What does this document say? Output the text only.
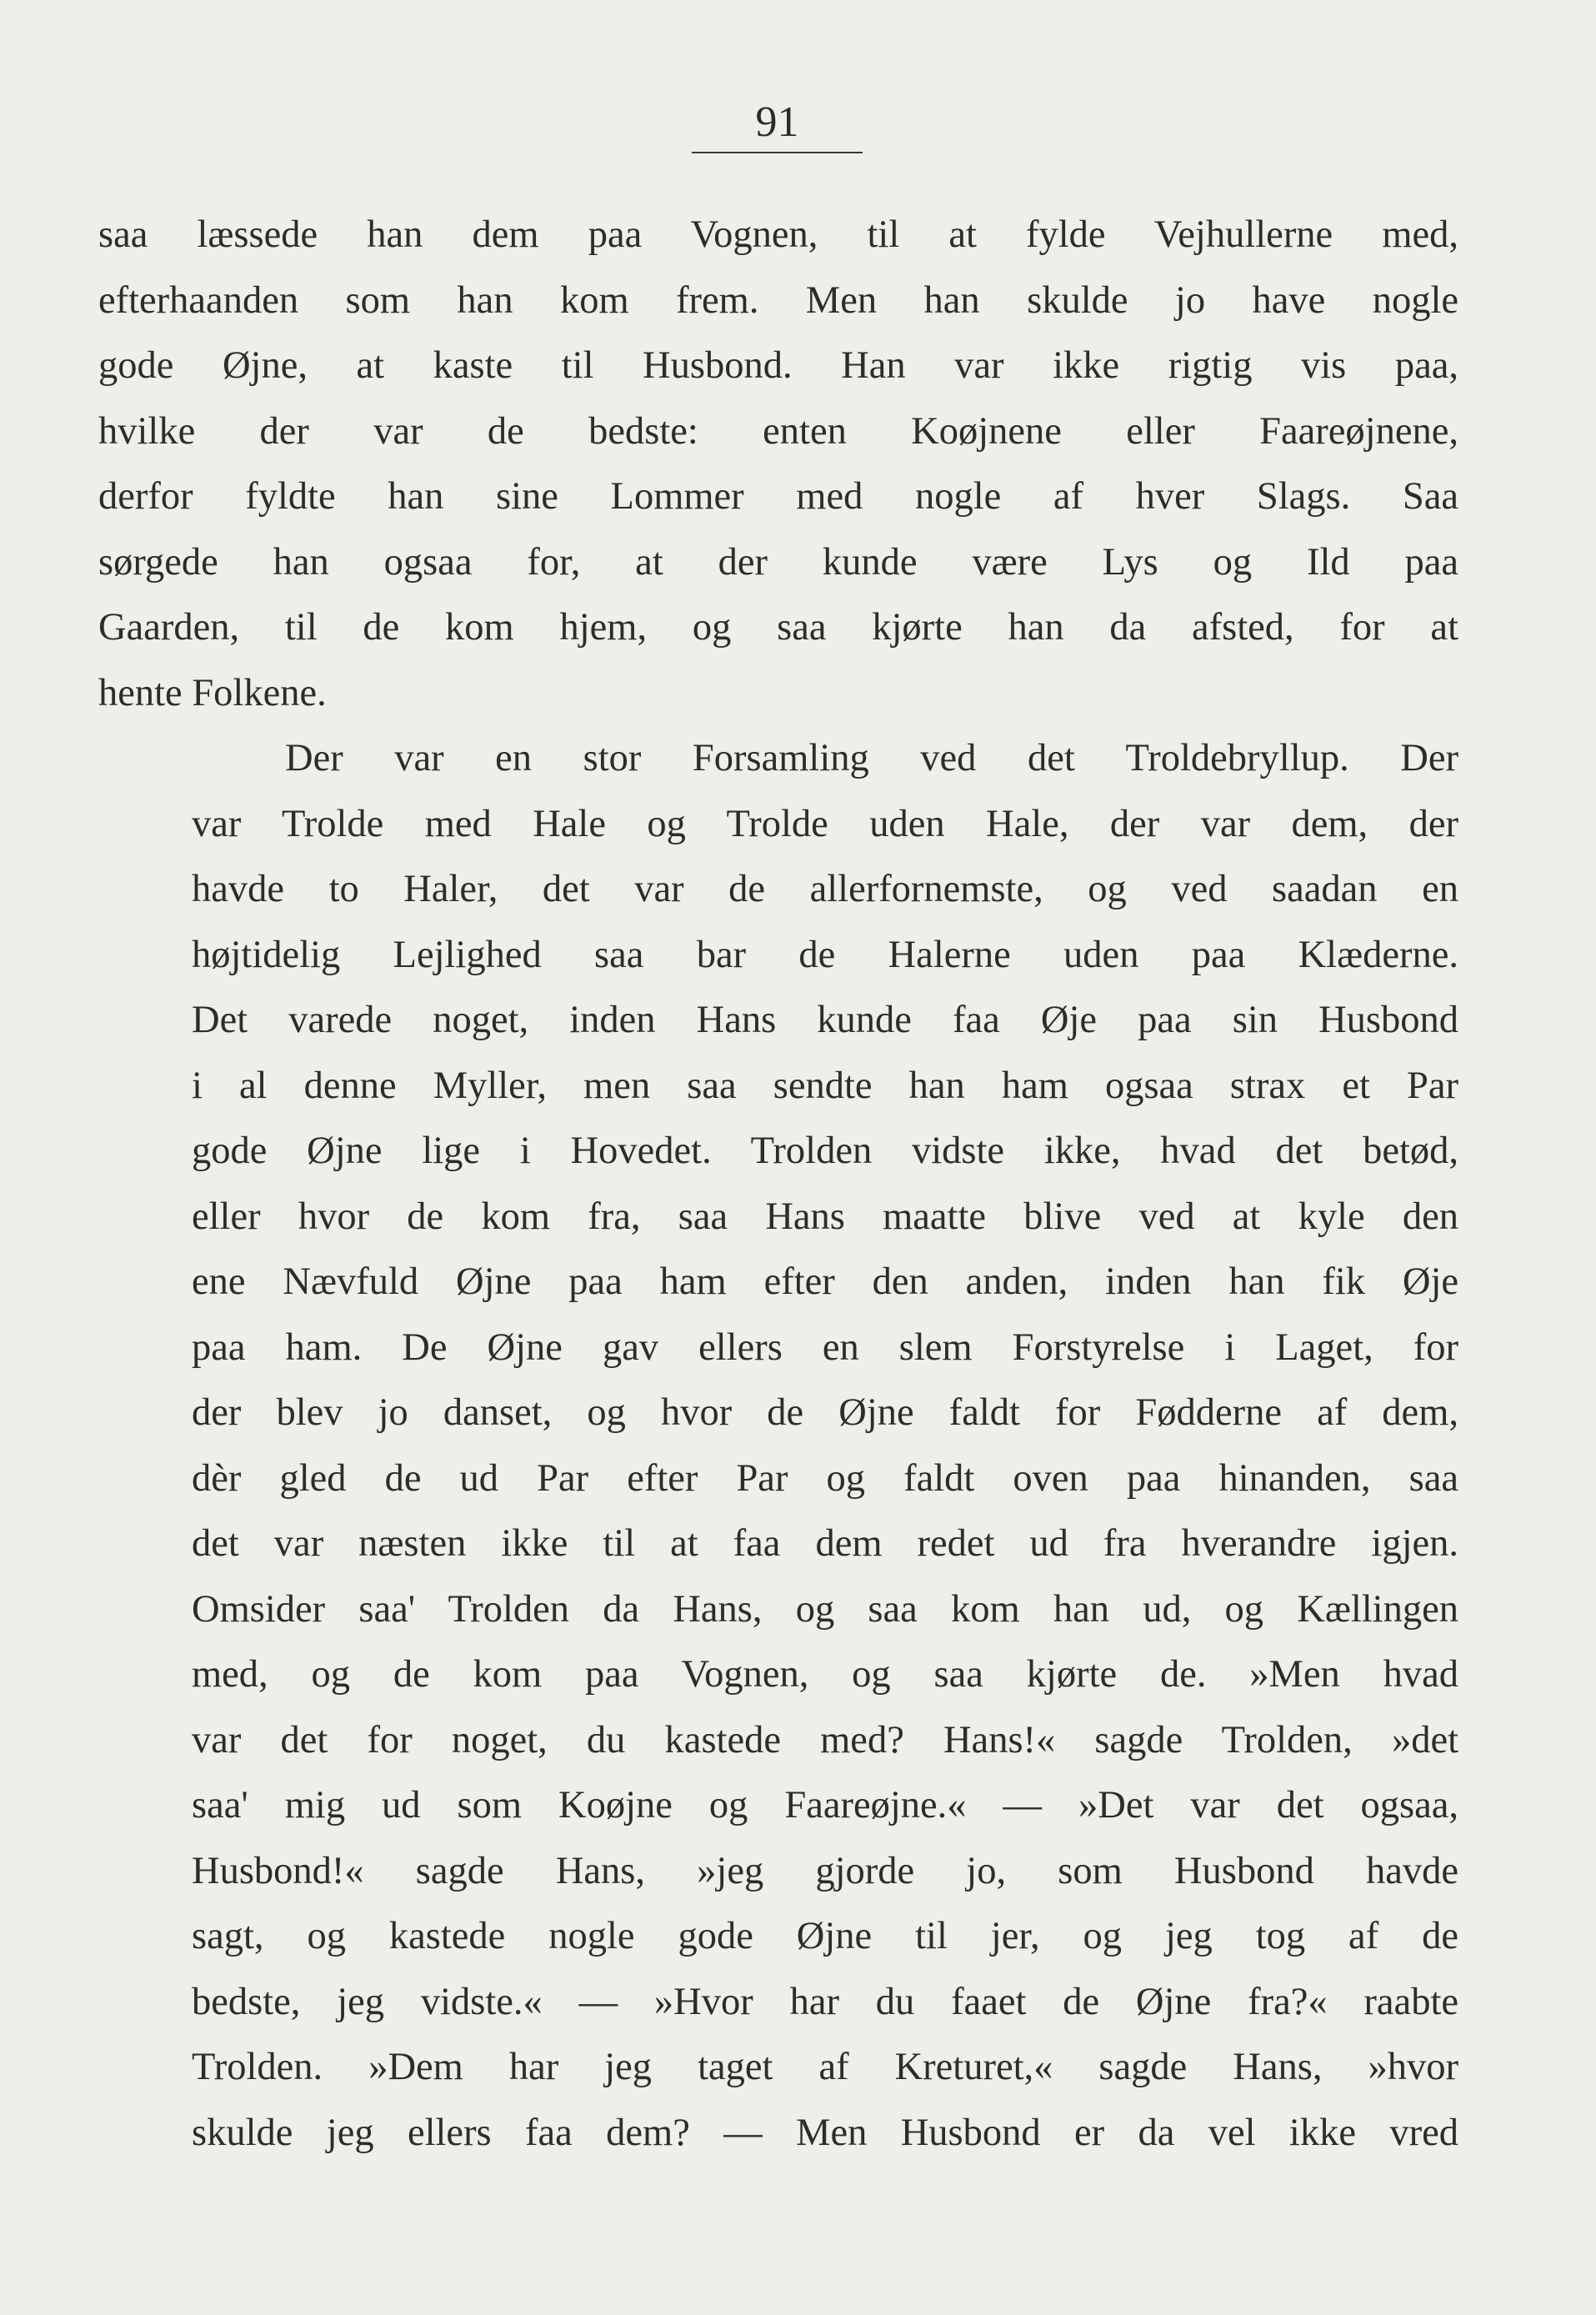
91
saa læssede han dem paa Vognen, til at fylde Vejhullerne med,
efterhaanden som han kom frem. Men han skulde jo have nogle
gode Øjne, at kaste til Husbond. Han var ikke rigtig vis paa,
hvilke der var de bedste: enten Koøjnene eller Faareøjnene,
derfor fyldte han sine Lommer med nogle af hver Slags. Saa
sørgede han ogsaa for, at der kunde være Lys og Ild paa
Gaarden, til de kom hjem, og saa kjørte han da afsted, for at
hente Folkene.
Der var en stor Forsamling ved det Troldebryllup. Der
var Trolde med Hale og Trolde uden Hale, der var dem, der
havde to Haler, det var de allerfornemste, og ved saadan en
højtidelig Lejlighed saa bar de Halerne uden paa Klæderne.
Det varede noget, inden Hans kunde faa Øje paa sin Husbond
i al denne Myller, men saa sendte han ham ogsaa strax et Par
gode Øjne lige i Hovedet. Trolden vidste ikke, hvad det betød,
eller hvor de kom fra, saa Hans maatte blive ved at kyle den
ene Nævfuld Øjne paa ham efter den anden, inden han fik Øje
paa ham. De Øjne gav ellers en slem Forstyrelse i Laget, for
der blev jo danset, og hvor de Øjne faldt for Fødderne af dem,
dèr gled de ud Par efter Par og faldt oven paa hinanden, saa
det var næsten ikke til at faa dem redet ud fra hverandre igjen.
Omsider saa' Trolden da Hans, og saa kom han ud, og Kællingen
med, og de kom paa Vognen, og saa kjørte de. »Men hvad
var det for noget, du kastede med? Hans!« sagde Trolden, »det
saa' mig ud som Koøjne og Faareøjne.« — »Det var det ogsaa,
Husbond!« sagde Hans, »jeg gjorde jo, som Husbond havde
sagt, og kastede nogle gode Øjne til jer, og jeg tog af de
bedste, jeg vidste.« — »Hvor har du faaet de Øjne fra?« raabte
Trolden. »Dem har jeg taget af Kreturet,« sagde Hans, »hvor
skulde jeg ellers faa dem? — Men Husbond er da vel ikke vred
